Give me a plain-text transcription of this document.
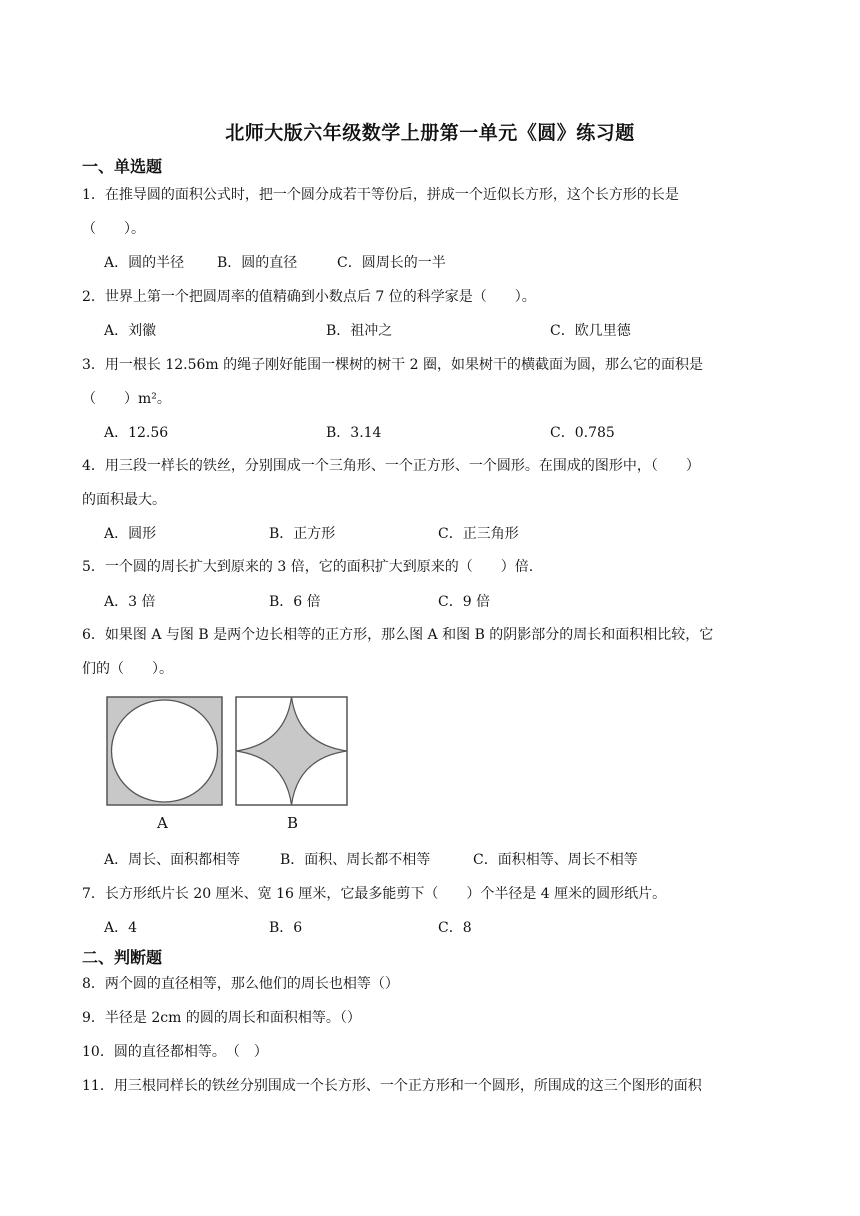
北师大版六年级数学上册第一单元《圆》练习题
一、单选题
1．在推导圆的面积公式时，把一个圆分成若干等份后，拼成一个近似长方形，这个长方形的长是
（　　）。
A．圆的半径 B．圆的直径	C．圆周长的一半
2．世界上第一个把圆周率的值精确到小数点后 7 位的科学家是（　　）。
A．刘徽	B．祖冲之	C．欧几里德
3．用一根长 12.56m 的绳子刚好能围一棵树的树干 2 圈，如果树干的横截面为圆，那么它的面积是
（　　）m²。
A．12.56	B．3.14	C．0.785
4．用三段一样长的铁丝，分别围成一个三角形、一个正方形、一个圆形。在围成的图形中，（　　）
的面积最大。
A．圆形	B．正方形	C．正三角形
5．一个圆的周长扩大到原来的 3 倍，它的面积扩大到原来的（　　）倍.
A．3 倍	B．6 倍	C．9 倍
6．如果图 A 与图 B 是两个边长相等的正方形，那么图 A 和图 B 的阴影部分的周长和面积相比较，它
们的（　　）。
A	B
A．周长、面积都相等	B．面积、周长都不相等	C．面积相等、周长不相等
7．长方形纸片长 20 厘米、宽 16 厘米，它最多能剪下（　　）个半径是 4 厘米的圆形纸片。
A．4	B．6	C．8
二、判断题
8．两个圆的直径相等，那么他们的周长也相等（）
9．半径是 2cm 的圆的周长和面积相等。（）
10．圆的直径都相等。　（　）
11．用三根同样长的铁丝分别围成一个长方形、一个正方形和一个圆形，所围成的这三个图形的面积
